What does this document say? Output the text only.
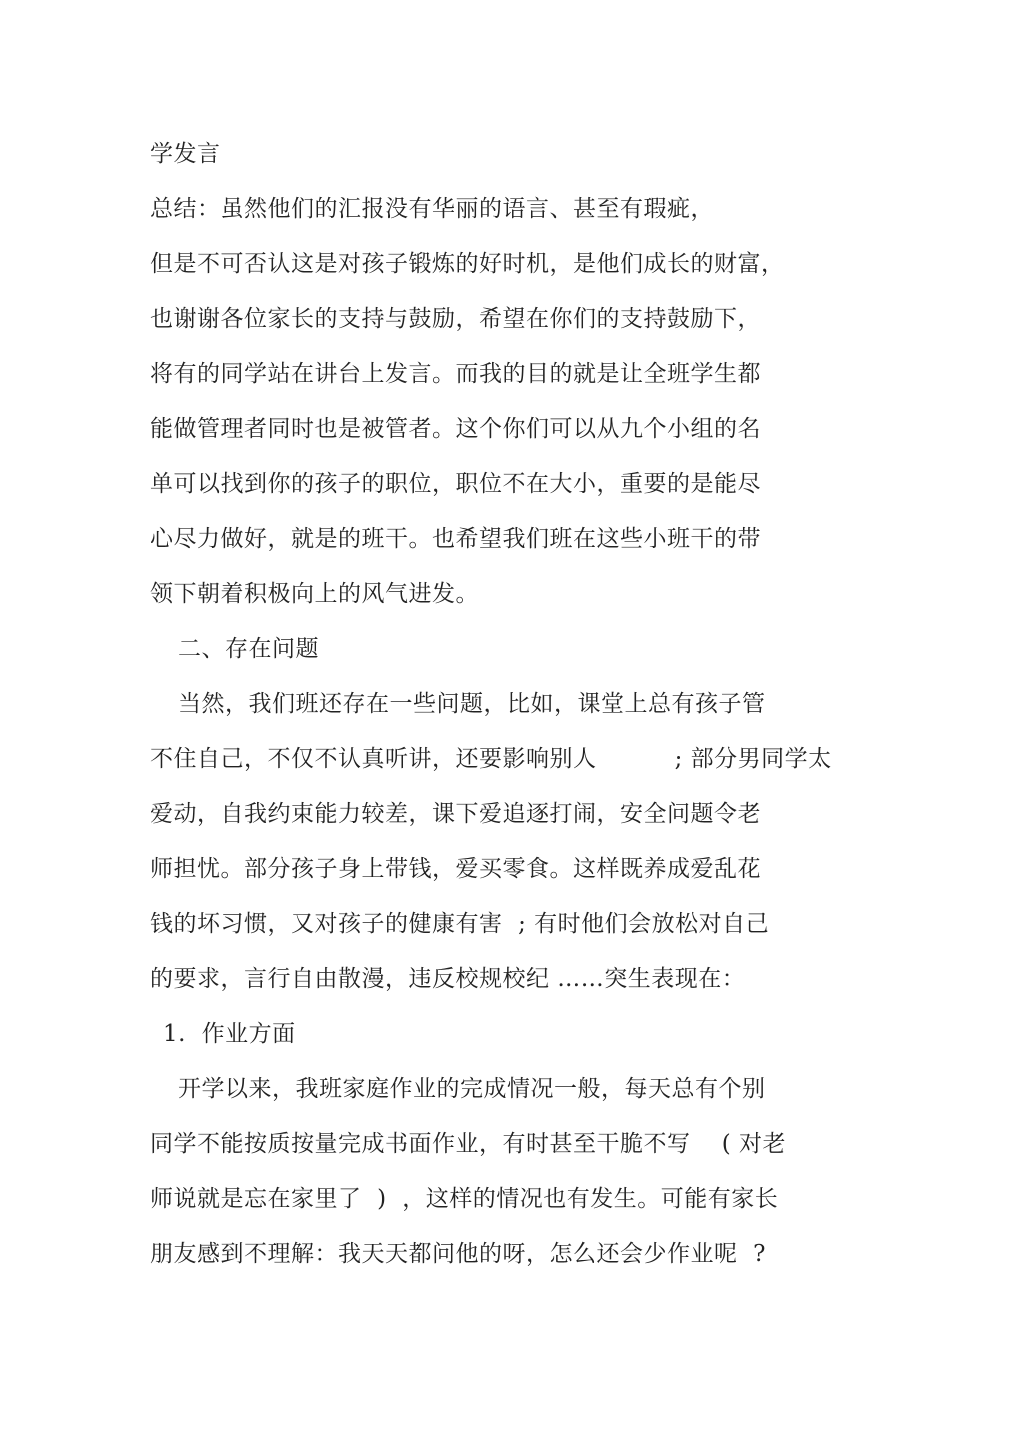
学发言
总结：虽然他们的汇报没有华丽的语言、甚至有瑕疵，
但是不可否认这是对孩子锻炼的好时机，是他们成长的财富，
也谢谢各位家长的支持与鼓励，希望在你们的支持鼓励下，
将有的同学站在讲台上发言。而我的目的就是让全班学生都
能做管理者同时也是被管者。这个你们可以从九个小组的名
单可以找到你的孩子的职位，职位不在大小，重要的是能尽
心尽力做好，就是的班干。也希望我们班在这些小班干的带
领下朝着积极向上的风气进发。
二、存在问题
当然，我们班还存在一些问题，比如，课堂上总有孩子管
不住自己，不仅不认真听讲，还要影响别人          ; 部分男同学太
爱动，自我约束能力较差，课下爱追逐打闹，安全问题令老
师担忧。部分孩子身上带钱，爱买零食。这样既养成爱乱花
钱的坏习惯，又对孩子的健康有害  ; 有时他们会放松对自己
的要求，言行自由散漫，违反校规校纪 ……突生表现在：
1.  作业方面
开学以来，我班家庭作业的完成情况一般，每天总有个别
同学不能按质按量完成书面作业，有时甚至干脆不写    ( 对老
师说就是忘在家里了  )  ，这样的情况也有发生。可能有家长
朋友感到不理解：我天天都问他的呀，怎么还会少作业呢  ?
